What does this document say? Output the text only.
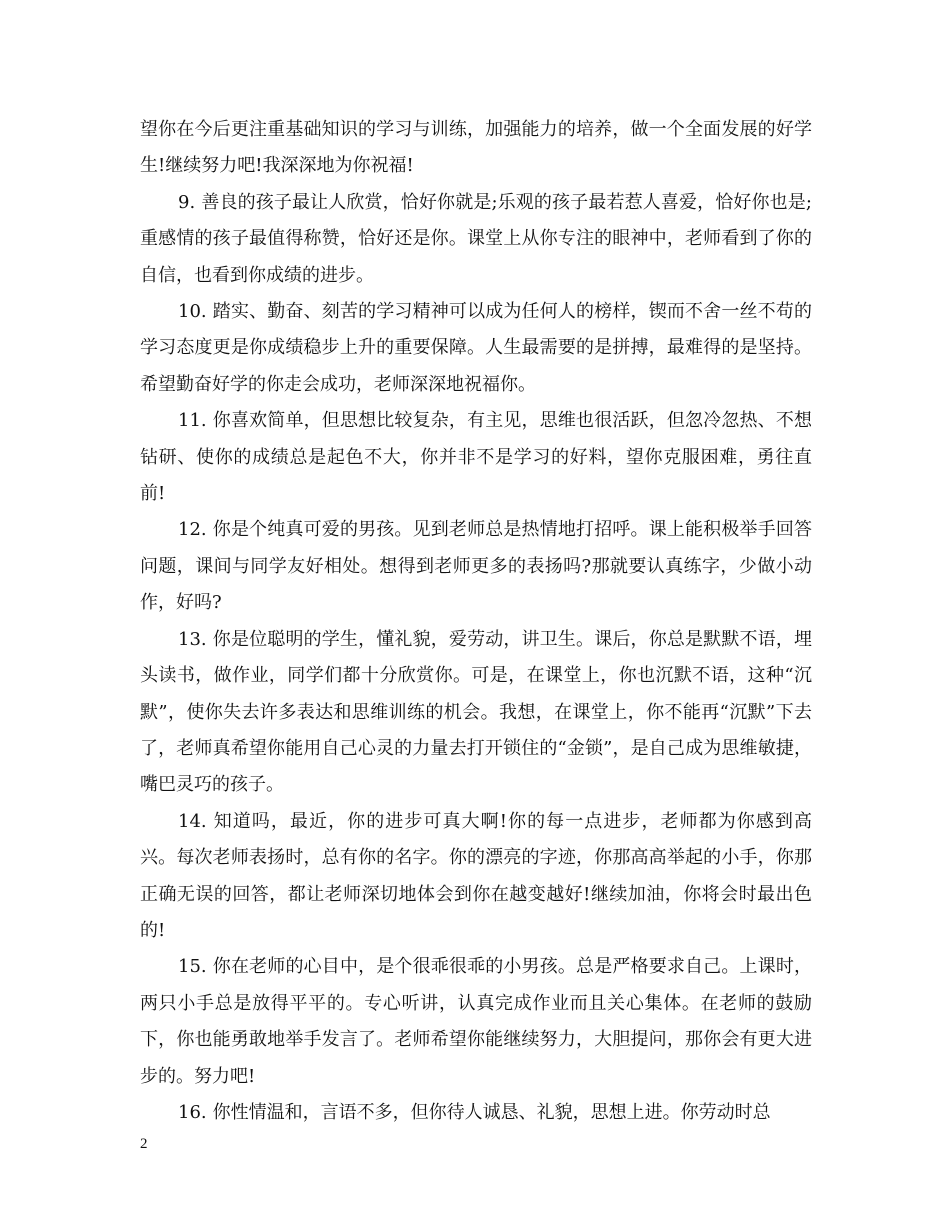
望你在今后更注重基础知识的学习与训练，加强能力的培养，做一个全面发展的好学生!继续努力吧!我深深地为你祝福!

9. 善良的孩子最让人欣赏，恰好你就是;乐观的孩子最若惹人喜爱，恰好你也是;重感情的孩子最值得称赞，恰好还是你。课堂上从你专注的眼神中，老师看到了你的自信，也看到你成绩的进步。

10. 踏实、勤奋、刻苦的学习精神可以成为任何人的榜样，锲而不舍一丝不苟的学习态度更是你成绩稳步上升的重要保障。人生最需要的是拼搏，最难得的是坚持。希望勤奋好学的你走会成功，老师深深地祝福你。

11. 你喜欢简单，但思想比较复杂，有主见，思维也很活跃，但忽冷忽热、不想钻研、使你的成绩总是起色不大，你并非不是学习的好料，望你克服困难，勇往直前!

12. 你是个纯真可爱的男孩。见到老师总是热情地打招呼。课上能积极举手回答问题，课间与同学友好相处。想得到老师更多的表扬吗?那就要认真练字，少做小动作，好吗?

13. 你是位聪明的学生，懂礼貌，爱劳动，讲卫生。课后，你总是默默不语，埋头读书，做作业，同学们都十分欣赏你。可是，在课堂上，你也沉默不语，这种“沉默”，使你失去许多表达和思维训练的机会。我想，在课堂上，你不能再“沉默”下去了，老师真希望你能用自己心灵的力量去打开锁住的“金锁”，是自己成为思维敏捷，嘴巴灵巧的孩子。

14. 知道吗，最近，你的进步可真大啊!你的每一点进步，老师都为你感到高兴。每次老师表扬时，总有你的名字。你的漂亮的字迹，你那高高举起的小手，你那正确无误的回答，都让老师深切地体会到你在越变越好!继续加油，你将会时最出色的!

15. 你在老师的心目中，是个很乖很乖的小男孩。总是严格要求自己。上课时，两只小手总是放得平平的。专心听讲，认真完成作业而且关心集体。在老师的鼓励下，你也能勇敢地举手发言了。老师希望你能继续努力，大胆提问，那你会有更大进步的。努力吧!

16. 你性情温和，言语不多，但你待人诚恳、礼貌，思想上进。你劳动时总

2
